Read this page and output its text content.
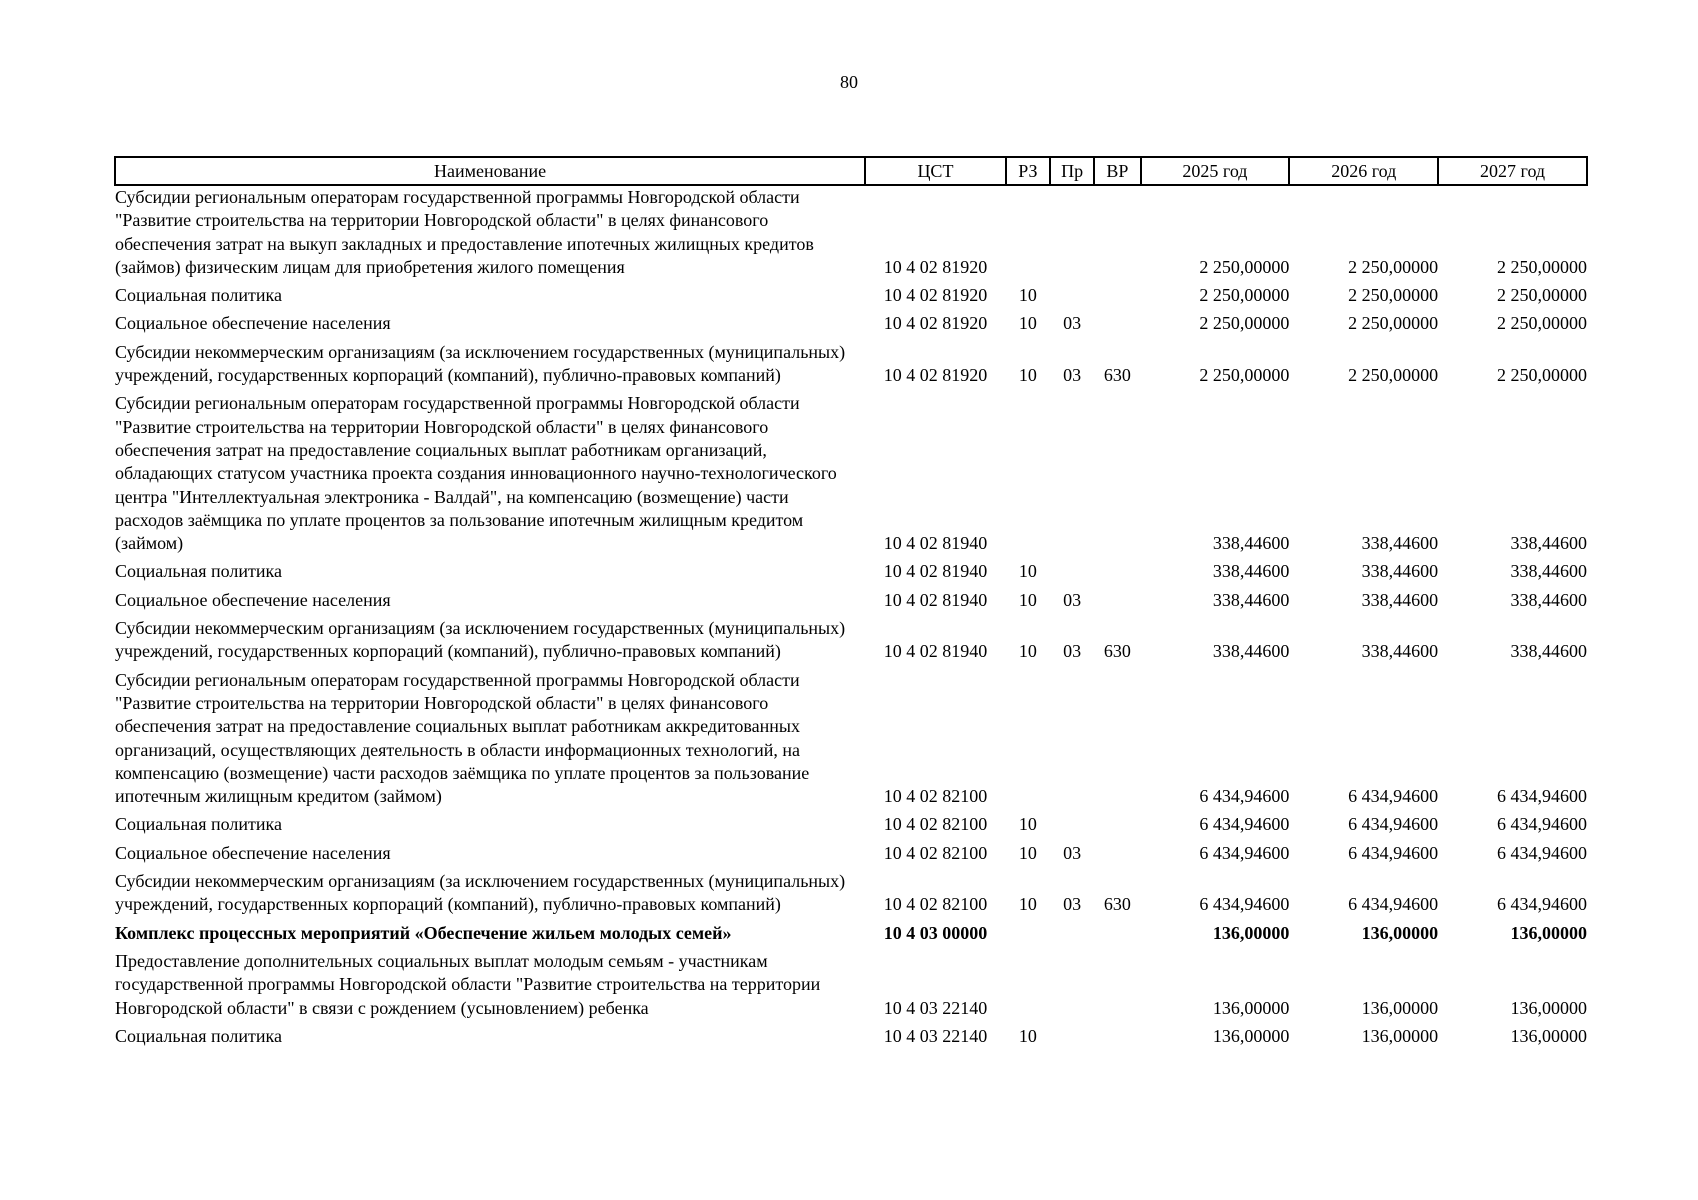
80
Наименование	ЦСТ	РЗ	Пр	ВР	2025 год	2026 год	2027 год
Субсидии региональным операторам государственной программы Новгородской области "Развитие строительства на территории Новгородской области" в целях финансового обеспечения затрат на выкуп закладных и предоставление ипотечных жилищных кредитов (займов) физическим лицам для приобретения жилого помещения	10 4 02 81920				2 250,00000	2 250,00000	2 250,00000
Социальная политика	10 4 02 81920	10			2 250,00000	2 250,00000	2 250,00000
Социальное обеспечение населения	10 4 02 81920	10	03		2 250,00000	2 250,00000	2 250,00000
Субсидии некоммерческим организациям (за исключением государственных (муниципальных) учреждений, государственных корпораций (компаний), публично-правовых компаний)	10 4 02 81920	10	03	630	2 250,00000	2 250,00000	2 250,00000
Субсидии региональным операторам государственной программы Новгородской области "Развитие строительства на территории Новгородской области" в целях финансового обеспечения затрат на предоставление социальных выплат работникам организаций, обладающих статусом участника проекта создания инновационного научно-технологического центра "Интеллектуальная электроника - Валдай", на компенсацию (возмещение) части расходов заёмщика по уплате процентов за пользование ипотечным жилищным кредитом (займом)	10 4 02 81940				338,44600	338,44600	338,44600
Социальная политика	10 4 02 81940	10			338,44600	338,44600	338,44600
Социальное обеспечение населения	10 4 02 81940	10	03		338,44600	338,44600	338,44600
Субсидии некоммерческим организациям (за исключением государственных (муниципальных) учреждений, государственных корпораций (компаний), публично-правовых компаний)	10 4 02 81940	10	03	630	338,44600	338,44600	338,44600
Субсидии региональным операторам государственной программы Новгородской области "Развитие строительства на территории Новгородской области" в целях финансового обеспечения затрат на предоставление социальных выплат работникам аккредитованных организаций, осуществляющих деятельность в области информационных технологий, на компенсацию (возмещение) части расходов заёмщика по уплате процентов за пользование ипотечным жилищным кредитом (займом)	10 4 02 82100				6 434,94600	6 434,94600	6 434,94600
Социальная политика	10 4 02 82100	10			6 434,94600	6 434,94600	6 434,94600
Социальное обеспечение населения	10 4 02 82100	10	03		6 434,94600	6 434,94600	6 434,94600
Субсидии некоммерческим организациям (за исключением государственных (муниципальных) учреждений, государственных корпораций (компаний), публично-правовых компаний)	10 4 02 82100	10	03	630	6 434,94600	6 434,94600	6 434,94600
Комплекс процессных мероприятий «Обеспечение жильем молодых семей»	10 4 03 00000				136,00000	136,00000	136,00000
Предоставление дополнительных социальных выплат молодым семьям - участникам государственной программы Новгородской области "Развитие строительства на территории Новгородской области" в связи с рождением (усыновлением) ребенка	10 4 03 22140				136,00000	136,00000	136,00000
Социальная политика	10 4 03 22140	10			136,00000	136,00000	136,00000
